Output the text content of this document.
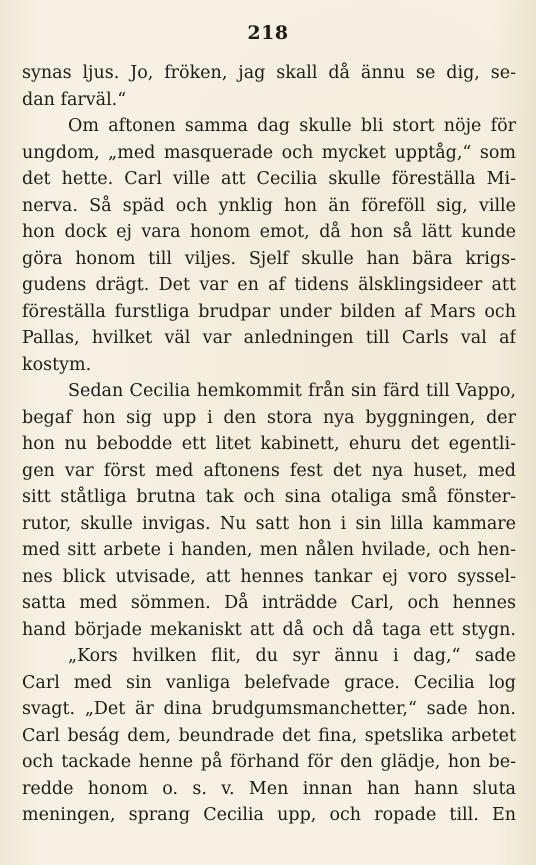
218
synas ljus. Jo, fröken, jag skall då ännu se dig, se-
dan farväl.“
Om aftonen samma dag skulle bli stort nöje för
ungdom, „med masquerade och mycket upptåg,“ som
det hette. Carl ville att Cecilia skulle föreställa Mi-
nerva. Så späd och ynklig hon än föreföll sig, ville
hon dock ej vara honom emot, då hon så lätt kunde
göra honom till viljes. Sjelf skulle han bära krigs-
gudens drägt. Det var en af tidens älsklingsideer att
föreställa furstliga brudpar under bilden af Mars och
Pallas, hvilket väl var anledningen till Carls val af
kostym.
Sedan Cecilia hemkommit från sin färd till Vappo,
begaf hon sig upp i den stora nya byggningen, der
hon nu bebodde ett litet kabinett, ehuru det egentli-
gen var först med aftonens fest det nya huset, med
sitt ståtliga brutna tak och sina otaliga små fönster-
rutor, skulle invigas. Nu satt hon i sin lilla kammare
med sitt arbete i handen, men nålen hvilade, och hen-
nes blick utvisade, att hennes tankar ej voro syssel-
satta med sömmen. Då inträdde Carl, och hennes
hand började mekaniskt att då och då taga ett stygn.
„Kors hvilken flit, du syr ännu i dag,“ sade
Carl med sin vanliga belefvade grace. Cecilia log
svagt. „Det är dina brudgumsmanchetter,“ sade hon.
Carl beság dem, beundrade det fina, spetslika arbetet
och tackade henne på förhand för den glädje, hon be-
redde honom o. s. v. Men innan han hann sluta
meningen, sprang Cecilia upp, och ropade till. En
